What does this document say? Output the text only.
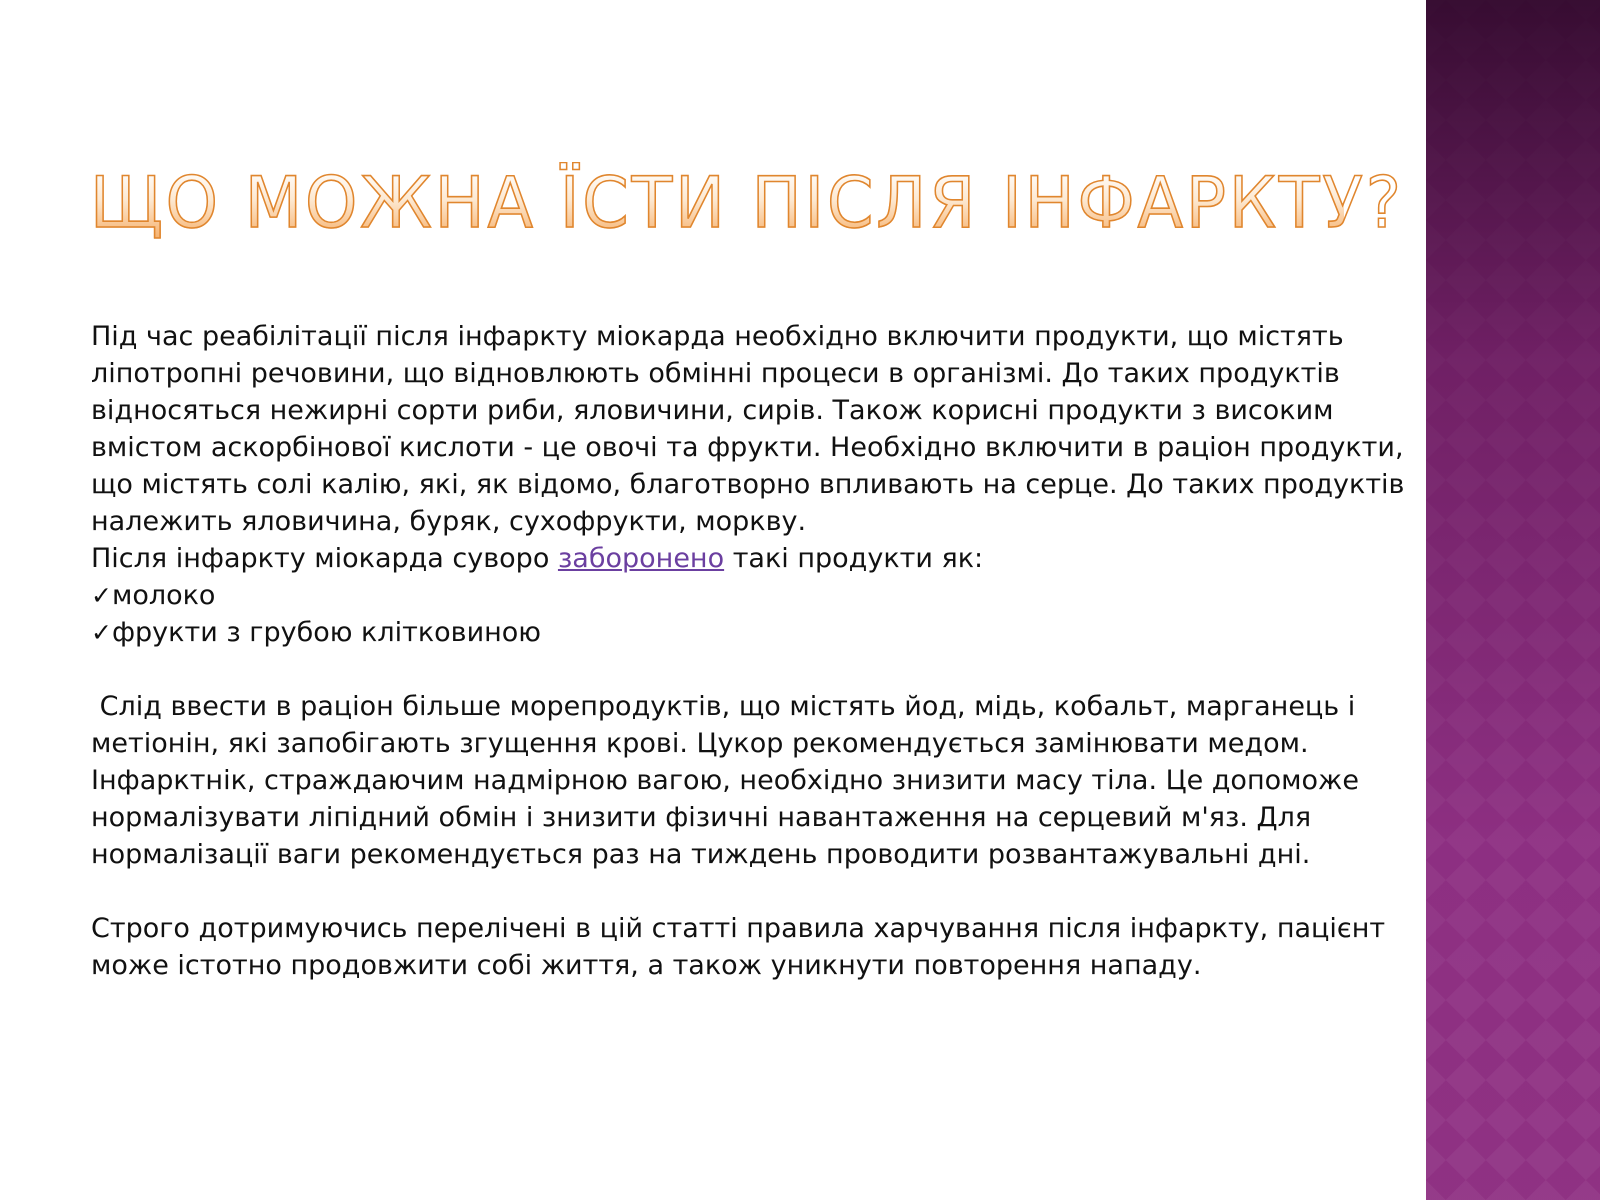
ЩО МОЖНА ЇСТИ ПІСЛЯ ІНФАРКТУ?

Під час реабілітації після інфаркту міокарда необхідно включити продукти, що містять ліпотропні речовини, що відновлюють обмінні процеси в організмі. До таких продуктів відносяться нежирні сорти риби, яловичини, сирів. Також корисні продукти з високим вмістом аскорбінової кислоти - це овочі та фрукти. Необхідно включити в раціон продукти, що містять солі калію, які, як відомо, благотворно впливають на серце. До таких продуктів належить яловичина, буряк, сухофрукти, моркву.

Після інфаркту міокарда суворо заборонено такі продукти як:

✓молоко

✓фрукти з грубою клітковиною

Слід ввести в раціон більше морепродуктів, що містять йод, мідь, кобальт, марганець і метіонін, які запобігають згущення крові. Цукор рекомендується замінювати медом.

Інфарктнік, страждаючим надмірною вагою, необхідно знизити масу тіла. Це допоможе нормалізувати ліпідний обмін і знизити фізичні навантаження на серцевий м'яз. Для нормалізації ваги рекомендується раз на тиждень проводити розвантажувальні дні.

Строго дотримуючись перелічені в цій статті правила харчування після інфаркту, пацієнт може істотно продовжити собі життя, а також уникнути повторення нападу.
